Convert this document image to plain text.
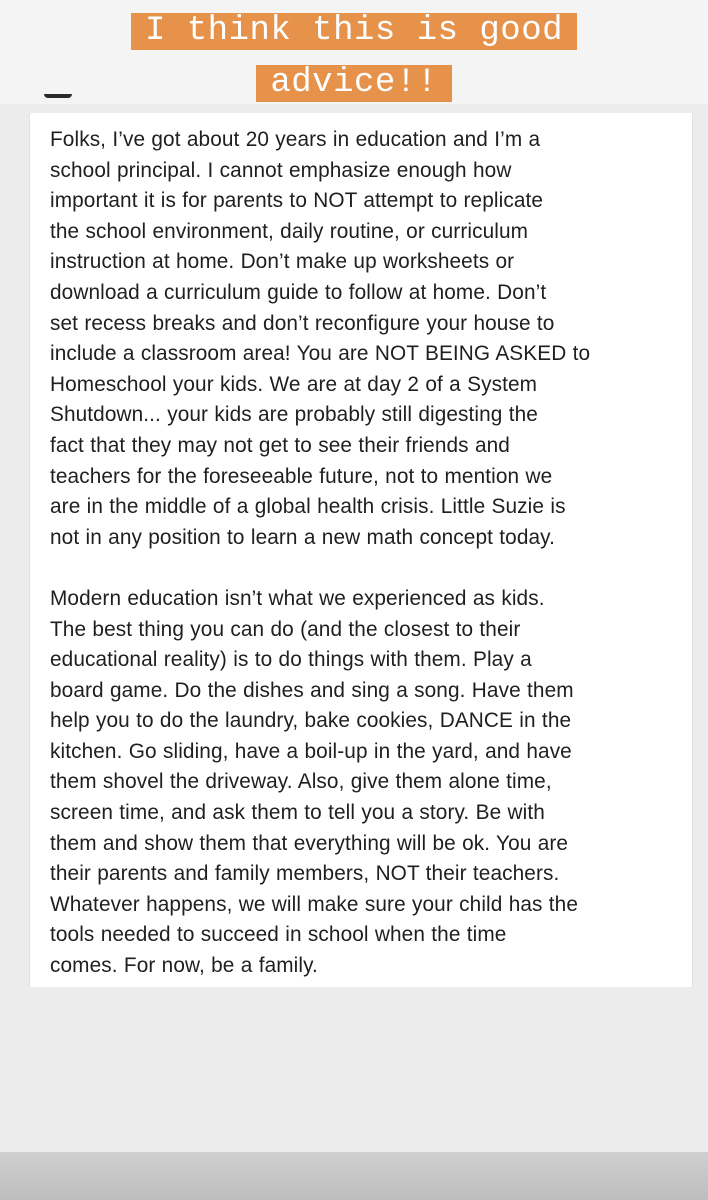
I think this is good
advice!!
Folks, I’ve got about 20 years in education and I’m a
school principal. I cannot emphasize enough how
important it is for parents to NOT attempt to replicate
the school environment, daily routine, or curriculum
instruction at home. Don’t make up worksheets or
download a curriculum guide to follow at home. Don’t
set recess breaks and don’t reconfigure your house to
include a classroom area! You are NOT BEING ASKED to
Homeschool your kids. We are at day 2 of a System
Shutdown... your kids are probably still digesting the
fact that they may not get to see their friends and
teachers for the foreseeable future, not to mention we
are in the middle of a global health crisis. Little Suzie is
not in any position to learn a new math concept today.
Modern education isn’t what we experienced as kids.
The best thing you can do (and the closest to their
educational reality) is to do things with them. Play a
board game. Do the dishes and sing a song. Have them
help you to do the laundry, bake cookies, DANCE in the
kitchen. Go sliding, have a boil-up in the yard, and have
them shovel the driveway. Also, give them alone time,
screen time, and ask them to tell you a story. Be with
them and show them that everything will be ok. You are
their parents and family members, NOT their teachers.
Whatever happens, we will make sure your child has the
tools needed to succeed in school when the time
comes. For now, be a family.
